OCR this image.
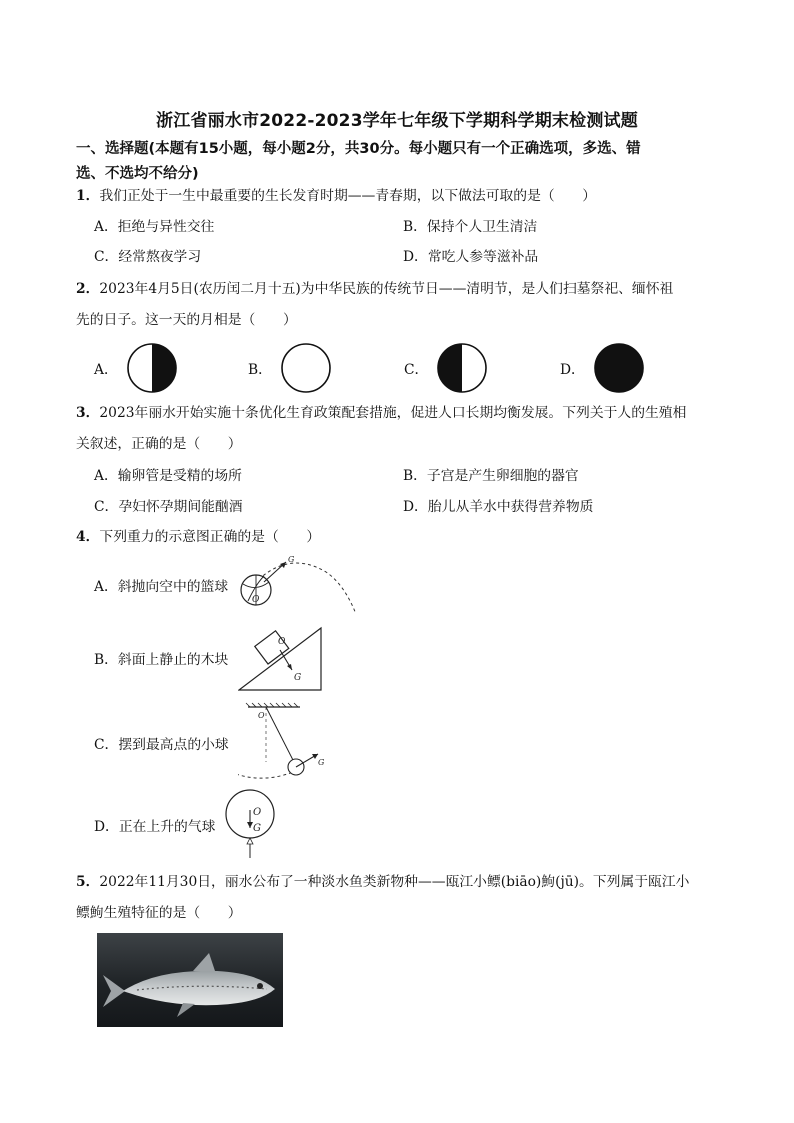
浙江省丽水市2022-2023学年七年级下学期科学期末检测试题
一、选择题(本题有15小题，每小题2分，共30分。每小题只有一个正确选项，多选、错
选、不选均不给分)
1．我们正处于一生中最重要的生长发育时期——青春期，以下做法可取的是（　　）
A．拒绝与异性交往	B．保持个人卫生清洁
C．经常熬夜学习	D．常吃人参等滋补品
2．2023年4月5日(农历闰二月十五)为中华民族的传统节日——清明节，是人们扫墓祭祀、缅怀祖
先的日子。这一天的月相是（　　）
A．	B．	C．	D．
3．2023年丽水开始实施十条优化生育政策配套措施，促进人口长期均衡发展。下列关于人的生殖相
关叙述，正确的是（　　）
A．输卵管是受精的场所	B．子宫是产生卵细胞的器官
C．孕妇怀孕期间能酗酒	D．胎儿从羊水中获得营养物质
4．下列重力的示意图正确的是（　　）
A．斜抛向空中的篮球
G
O
B．斜面上静止的木块
O
G
C．摆到最高点的小球
O
G
D．正在上升的气球
O
G
5．2022年11月30日，丽水公布了一种淡水鱼类新物种——瓯江小鳔(biāo)鮈(jū)。下列属于瓯江小
鳔鮈生殖特征的是（　　）
